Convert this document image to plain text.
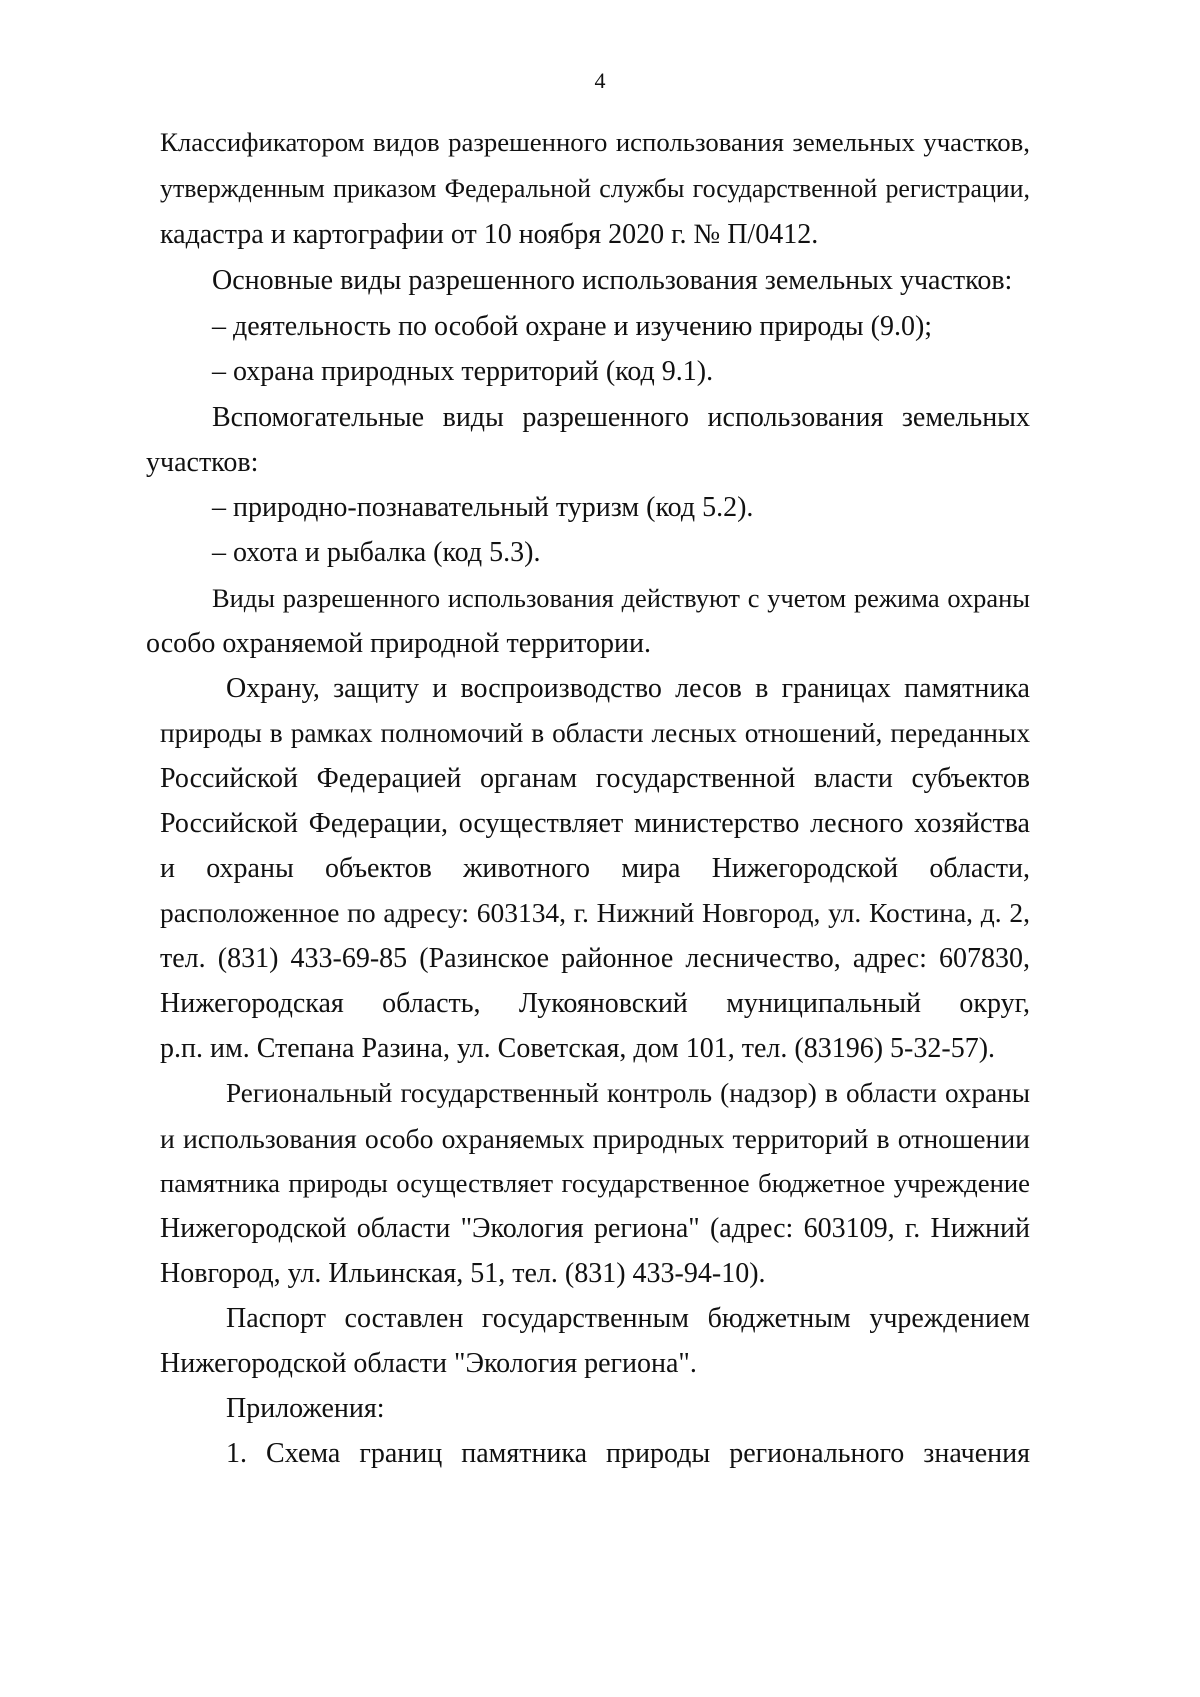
4
Классификатором видов разрешенного использования земельных участков,
утвержденным приказом Федеральной службы государственной регистрации,
кадастра и картографии от 10 ноября 2020 г. № П/0412.
Основные виды разрешенного использования земельных участков:
– деятельность по особой охране и изучению природы (9.0);
– охрана природных территорий (код 9.1).
Вспомогательные виды разрешенного использования земельных
участков:
– природно-познавательный туризм (код 5.2).
– охота и рыбалка (код 5.3).
Виды разрешенного использования действуют с учетом режима охраны
особо охраняемой природной территории.
Охрану, защиту и воспроизводство лесов в границах памятника
природы в рамках полномочий в области лесных отношений, переданных
Российской Федерацией органам государственной власти субъектов
Российской Федерации, осуществляет министерство лесного хозяйства
и охраны объектов животного мира Нижегородской области,
расположенное по адресу: 603134, г. Нижний Новгород, ул. Костина, д. 2,
тел. (831) 433-69-85 (Разинское районное лесничество, адрес: 607830,
Нижегородская область, Лукояновский муниципальный округ,
р.п. им. Степана Разина, ул. Советская, дом 101, тел. (83196) 5-32-57).
Региональный государственный контроль (надзор) в области охраны
и использования особо охраняемых природных территорий в отношении
памятника природы осуществляет государственное бюджетное учреждение
Нижегородской области "Экология региона" (адрес: 603109, г. Нижний
Новгород, ул. Ильинская, 51, тел. (831) 433-94-10).
Паспорт составлен государственным бюджетным учреждением
Нижегородской области "Экология региона".
Приложения:
1. Схема границ памятника природы регионального значения
